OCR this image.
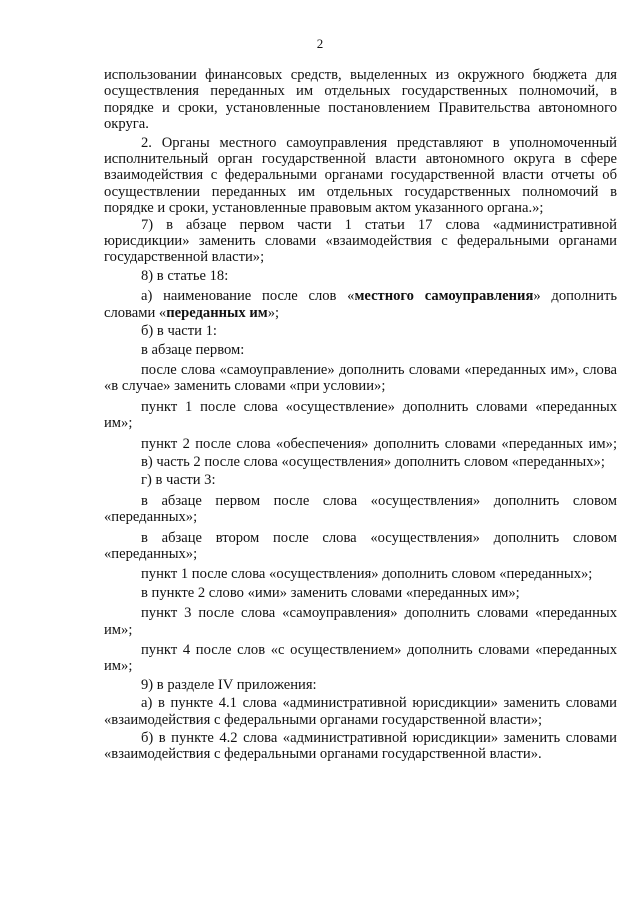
2

использовании финансовых средств, выделенных из окружного бюджета для осуществления переданных им отдельных государственных полномочий, в порядке и сроки, установленные постановлением Правительства автономного округа.

2. Органы местного самоуправления представляют в уполномоченный исполнительный орган государственной власти автономного округа в сфере взаимодействия с федеральными органами государственной власти отчеты об осуществлении переданных им отдельных государственных полномочий в порядке и сроки, установленные правовым актом указанного органа.»;

7) в абзаце первом части 1 статьи 17 слова «административной юрисдикции» заменить словами «взаимодействия с федеральными органами государственной власти»;

8) в статье 18:

а) наименование после слов «местного самоуправления» дополнить словами «переданных им»;

б) в части 1:

в абзаце первом:

после слова «самоуправление» дополнить словами «переданных им», слова «в случае» заменить словами «при условии»;

пункт 1 после слова «осуществление» дополнить словами «переданных им»;

пункт 2 после слова «обеспечения» дополнить словами «переданных им»;

в) часть 2 после слова «осуществления» дополнить словом «переданных»;

г) в части 3:

в абзаце первом после слова «осуществления» дополнить словом «переданных»;

в абзаце втором после слова «осуществления» дополнить словом «переданных»;

пункт 1 после слова «осуществления» дополнить словом «переданных»;

в пункте 2 слово «ими» заменить словами «переданных им»;

пункт 3 после слова «самоуправления» дополнить словами «переданных им»;

пункт 4 после слов «с осуществлением» дополнить словами «переданных им»;

9) в разделе IV приложения:

а) в пункте 4.1 слова «административной юрисдикции» заменить словами «взаимодействия с федеральными органами государственной власти»;

б) в пункте 4.2 слова «административной юрисдикции» заменить словами «взаимодействия с федеральными органами государственной власти».
